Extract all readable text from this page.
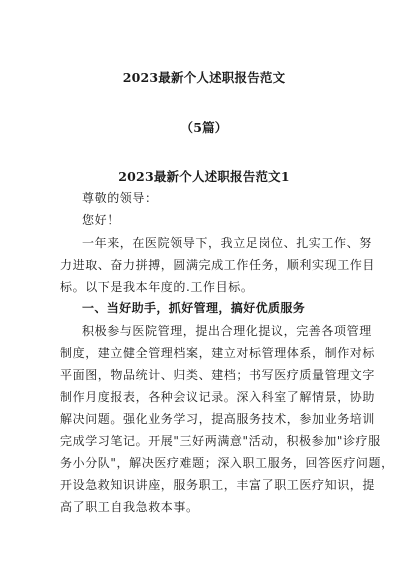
2023最新个人述职报告范文
（5篇）
2023最新个人述职报告范文1
尊敬的领导：
您好！
一年来，在医院领导下，我立足岗位、扎实工作、努
力进取、奋力拼搏，圆满完成工作任务，顺利实现工作目
标。以下是我本年度的.工作目标。
一、当好助手，抓好管理，搞好优质服务
积极参与医院管理，提出合理化提议，完善各项管理
制度，建立健全管理档案，建立对标管理体系，制作对标
平面图，物品统计、归类、建档；书写医疗质量管理文字
制作月度报表，各种会议记录。深入科室了解情景，协助
解决问题。强化业务学习，提高服务技术，参加业务培训
完成学习笔记。开展"三好两满意"活动，积极参加"诊疗服
务小分队"，解决医疗难题；深入职工服务，回答医疗问题，
开设急救知识讲座，服务职工，丰富了职工医疗知识，提
高了职工自我急救本事。
